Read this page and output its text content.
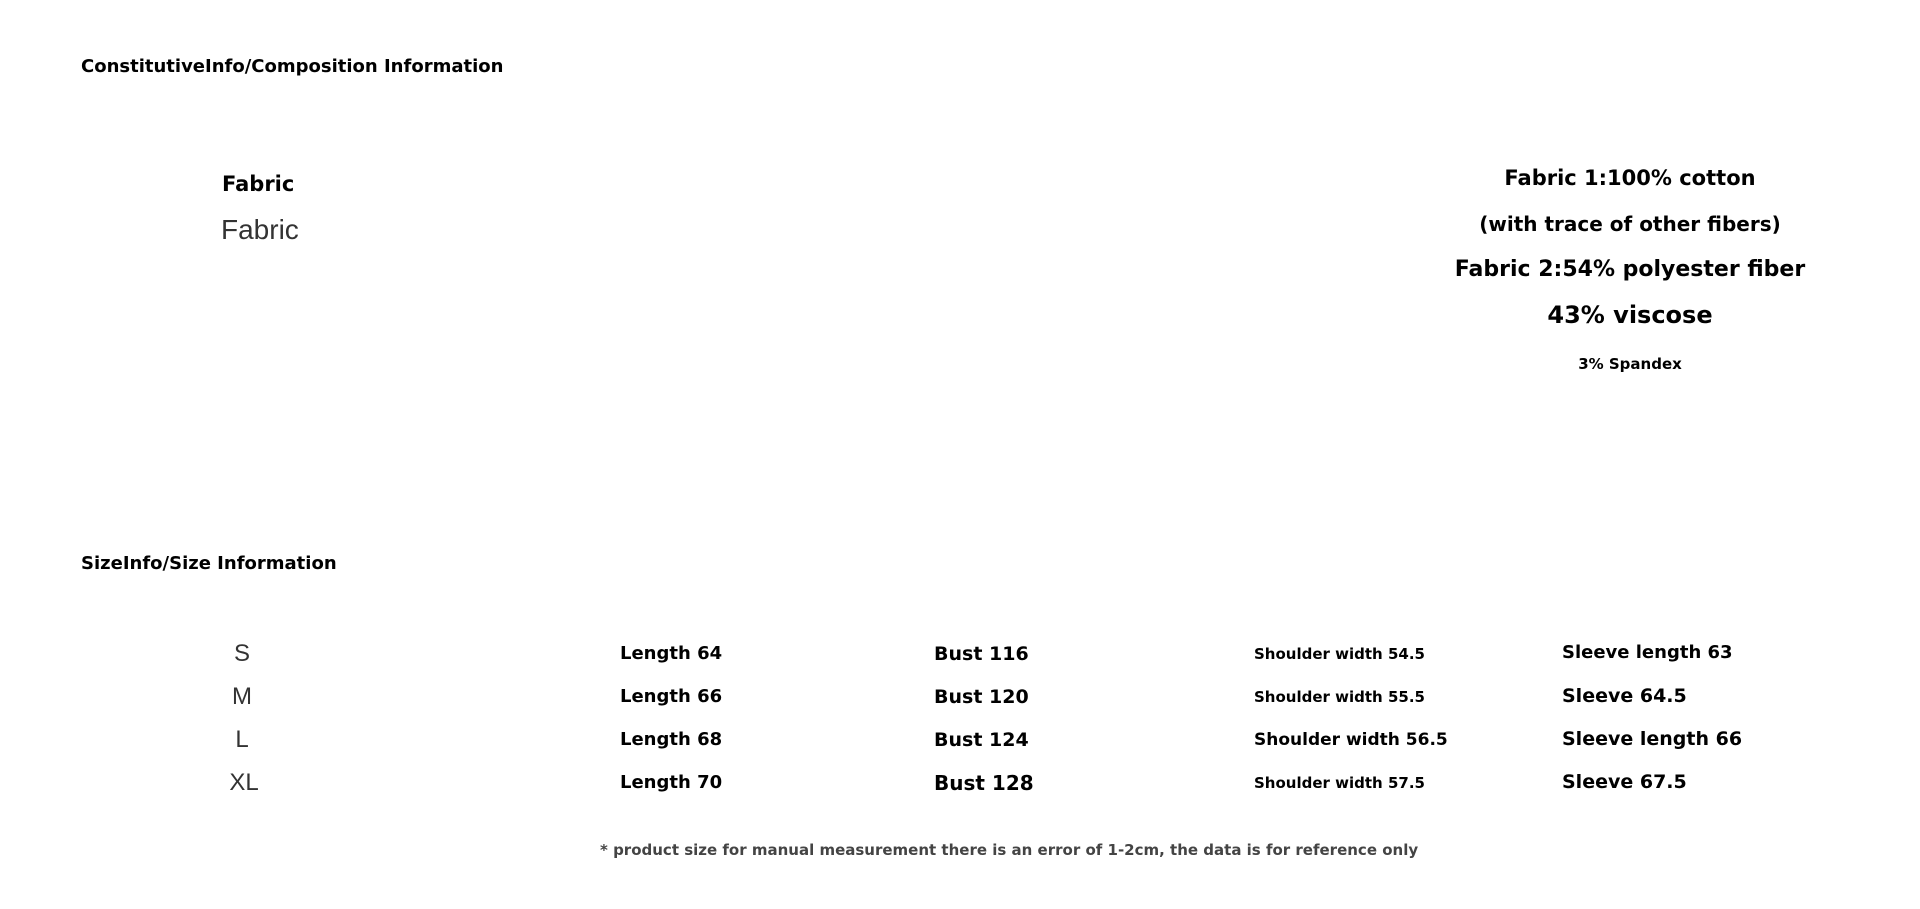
ConstitutiveInfo/Composition Information
Fabric
Fabric
Fabric 1:100% cotton
(with trace of other fibers)
Fabric 2:54% polyester fiber
43% viscose
3% Spandex
SizeInfo/Size Information
S	Length 64	Bust 116	Shoulder width 54.5	Sleeve length 63
M	Length 66	Bust 120	Shoulder width 55.5	Sleeve 64.5
L	Length 68	Bust 124	Shoulder width 56.5	Sleeve length 66
XL	Length 70	Bust 128	Shoulder width 57.5	Sleeve 67.5
* product size for manual measurement there is an error of 1-2cm, the data is for reference only
